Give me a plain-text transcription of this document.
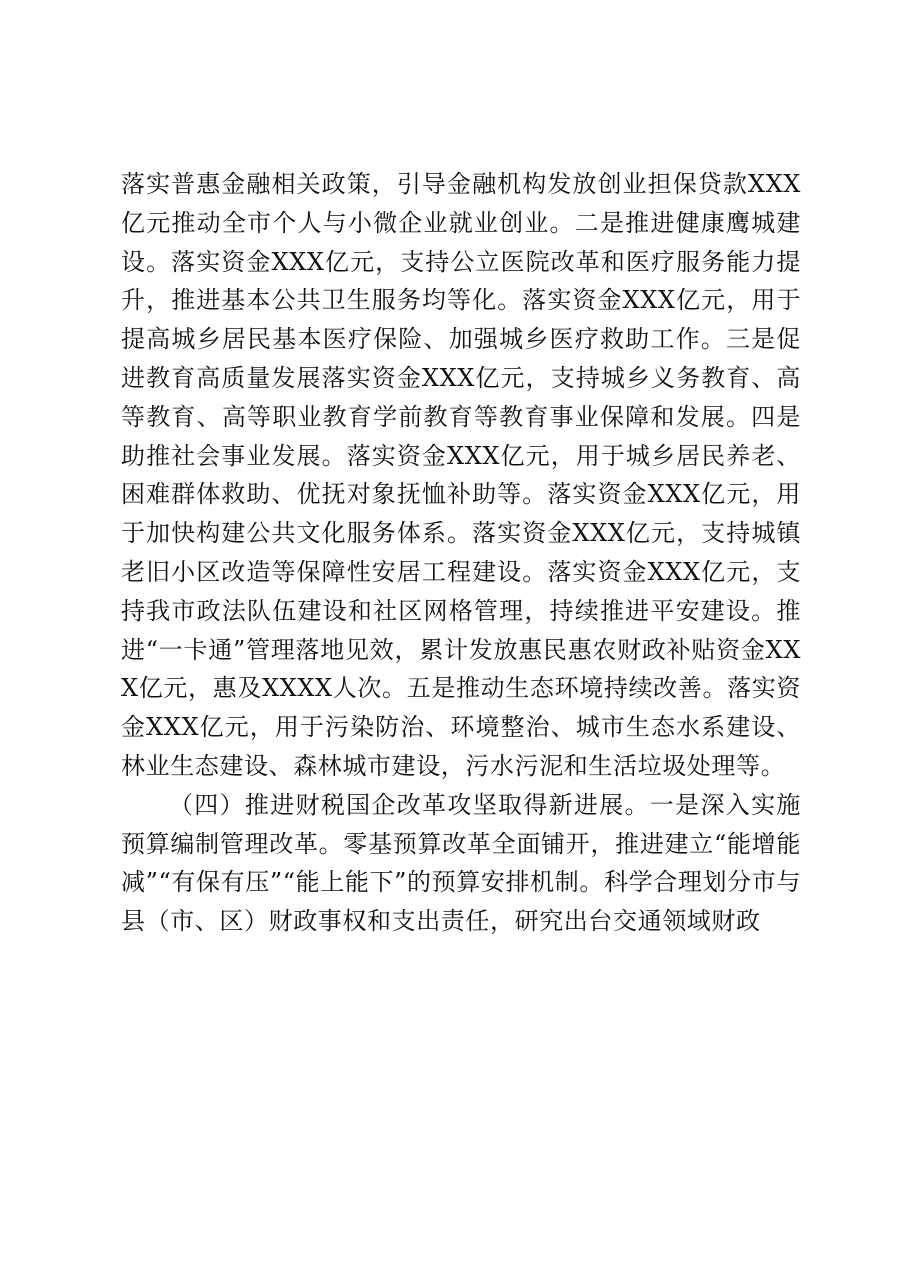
落实普惠金融相关政策，引导金融机构发放创业担保贷款XXX亿元推动全市个人与小微企业就业创业。二是推进健康鹰城建设。落实资金XXX亿元，支持公立医院改革和医疗服务能力提升，推进基本公共卫生服务均等化。落实资金XXX亿元，用于提高城乡居民基本医疗保险、加强城乡医疗救助工作。三是促进教育高质量发展落实资金XXX亿元，支持城乡义务教育、高等教育、高等职业教育学前教育等教育事业保障和发展。四是助推社会事业发展。落实资金XXX亿元，用于城乡居民养老、困难群体救助、优抚对象抚恤补助等。落实资金XXX亿元，用于加快构建公共文化服务体系。落实资金XXX亿元，支持城镇老旧小区改造等保障性安居工程建设。落实资金XXX亿元，支持我市政法队伍建设和社区网格管理，持续推进平安建设。推进“一卡通”管理落地见效，累计发放惠民惠农财政补贴资金XXX亿元，惠及XXXX人次。五是推动生态环境持续改善。落实资金XXX亿元，用于污染防治、环境整治、城市生态水系建设、林业生态建设、森林城市建设，污水污泥和生活垃圾处理等。

（四）推进财税国企改革攻坚取得新进展。一是深入实施预算编制管理改革。零基预算改革全面铺开，推进建立“能增能减”“有保有压”“能上能下”的预算安排机制。科学合理划分市与县（市、区）财政事权和支出责任，研究出台交通领域财政
